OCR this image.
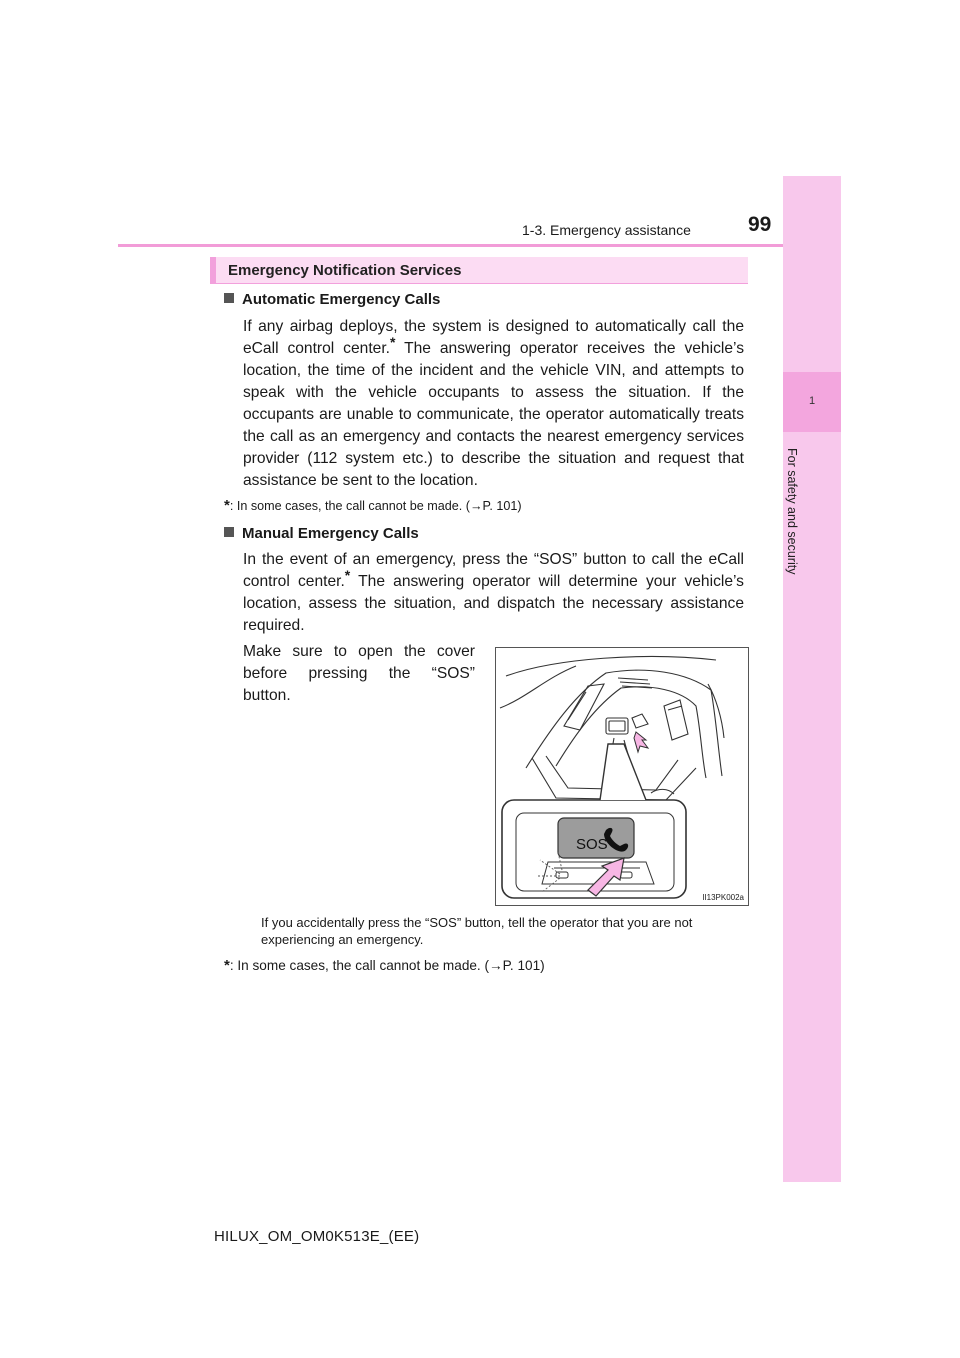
1-3. Emergency assistance	99
1
For safety and security
Emergency Notification Services
Automatic Emergency Calls
If any airbag deploys, the system is designed to automatically call the eCall control center.* The answering operator receives the vehicle’s location, the time of the incident and the vehicle VIN, and attempts to speak with the vehicle occupants to assess the situation. If the occupants are unable to communicate, the operator automatically treats the call as an emergency and contacts the nearest emergency services provider (112 system etc.) to describe the situation and request that assistance be sent to the location.
*: In some cases, the call cannot be made. (→P. 101)
Manual Emergency Calls
In the event of an emergency, press the “SOS” button to call the eCall control center.* The answering operator will determine your vehicle’s location, assess the situation, and dispatch the necessary assistance required.
Make sure to open the cover before pressing the “SOS” button.
SOS
II13PK002a
If you accidentally press the “SOS” button, tell the operator that you are not experiencing an emergency.
*: In some cases, the call cannot be made. (→P. 101)
HILUX_OM_OM0K513E_(EE)
